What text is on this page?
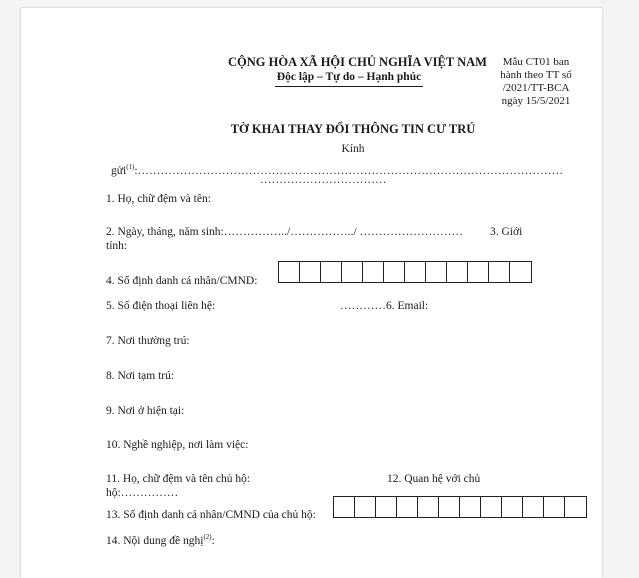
CỘNG HÒA XÃ HỘI CHỦ NGHĨA VIỆT NAM
Độc lập – Tự do – Hạnh phúc
Mẫu CT01 ban hành theo TT số /2021/TT-BCA ngày 15/5/2021
TỜ KHAI THAY ĐỔI THÔNG TIN CƯ TRÚ
Kính
gửi$^{(1)}$:…………………………………………………………………………………………………
……………………………
1. Họ, chữ đệm và tên:
2. Ngày, tháng, năm sinh:……………../……………../ ……………………… 3. Giới
tính:
4. Số định danh cá nhân/CMND:
5. Số điện thoại liên hệ:	…………6. Email:
7. Nơi thường trú:
8. Nơi tạm trú:
9. Nơi ở hiện tại:
10. Nghề nghiệp, nơi làm việc:
11. Họ, chữ đệm và tên chủ hộ:	12. Quan hệ với chủ
hộ:……………
13. Số định danh cá nhân/CMND của chủ hộ:
14. Nội dung đề nghị$^{(2)}$:
